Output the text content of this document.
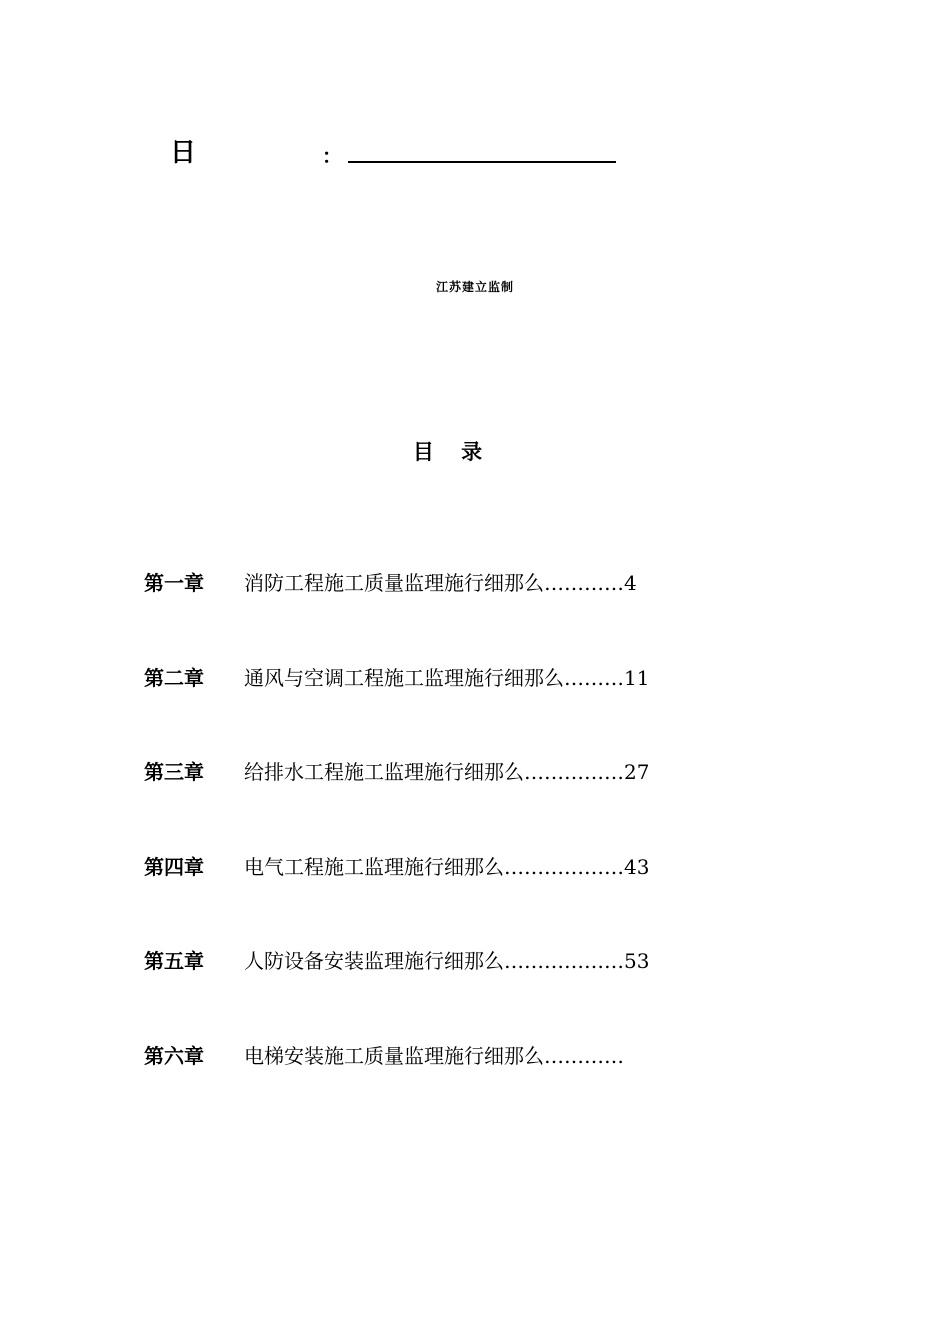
日	：
江苏建立监制
目 录
第一章 消防工程施工质量监理施行细那么…………4
第二章 通风与空调工程施工监理施行细那么………11
第三章 给排水工程施工监理施行细那么……………27
第四章 电气工程施工监理施行细那么………………43
第五章 人防设备安装监理施行细那么………………53
第六章 电梯安装施工质量监理施行细那么…………
